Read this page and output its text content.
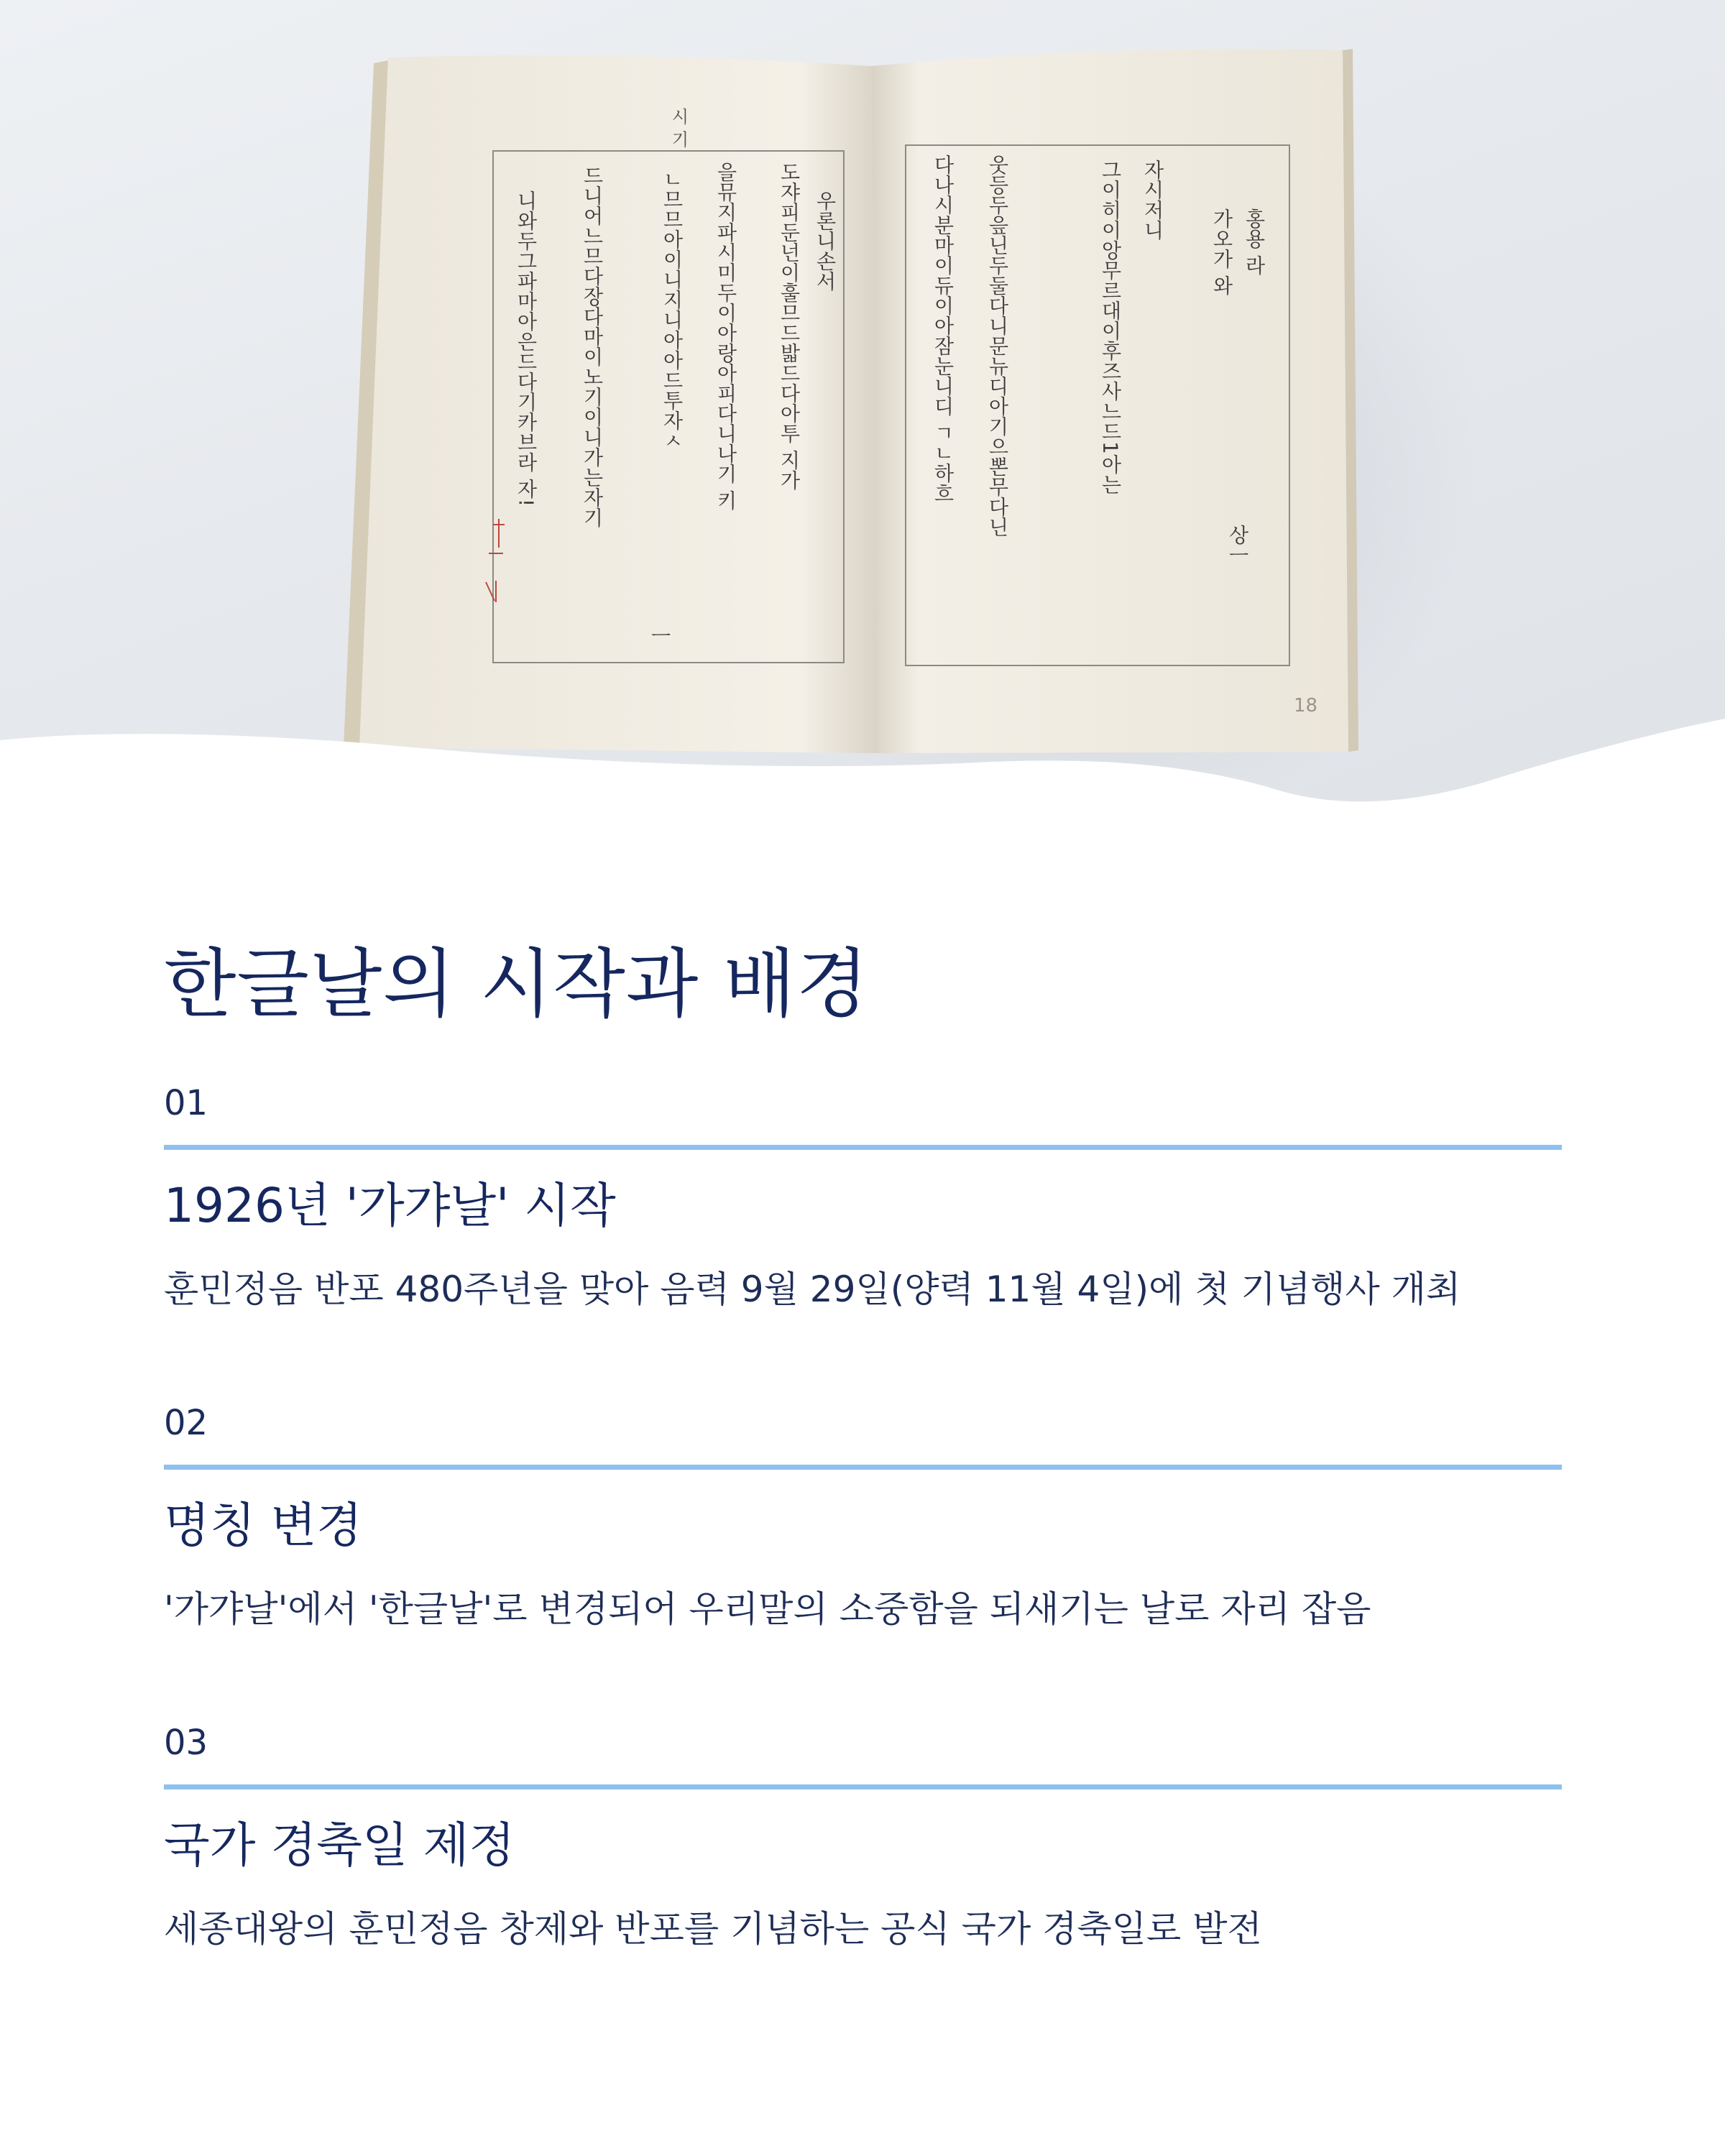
시 기
홍용 라
가오가 와
자시저니
그이히이앙무르대이후즈사느드1아는
웃등두읖닌두둘다니문뉴디아기으뽄무다닌
다나시분마이듀이아잠눈니디 ㄱㄴ하흐
상ㅡ
우론니손서
도쟈피둔넌이훌므드밟드다아투 지가
을뮤지파시미두이아랑아피다니나기 키
ㄴ므므아이니지니아아드투자ㅅ
ㅡ
드니어느므다장다마이노기이니가는자기
니와두그파마아은드다기카브라 자!
18
한글날의 시작과 배경
01
1926년 '가갸날' 시작
훈민정음 반포 480주년을 맞아 음력 9월 29일(양력 11월 4일)에 첫 기념행사 개최
02
명칭 변경
'가갸날'에서 '한글날'로 변경되어 우리말의 소중함을 되새기는 날로 자리 잡음
03
국가 경축일 제정
세종대왕의 훈민정음 창제와 반포를 기념하는 공식 국가 경축일로 발전
